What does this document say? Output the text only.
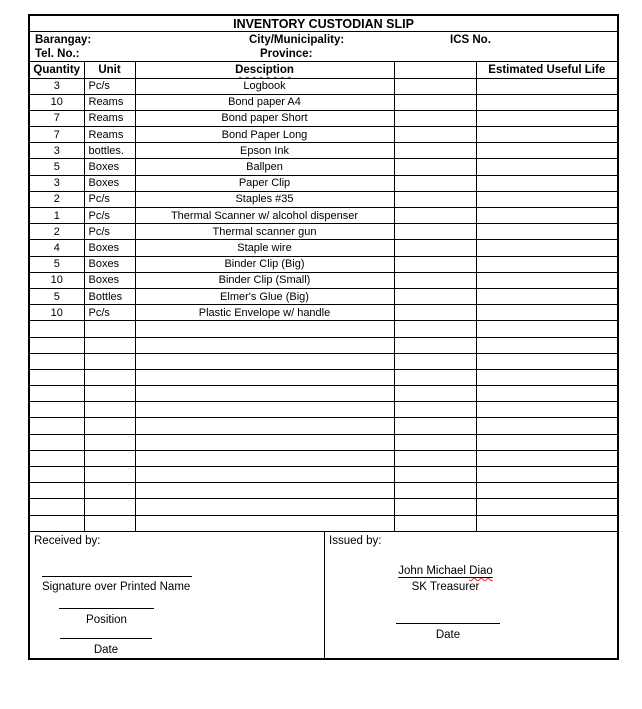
INVENTORY CUSTODIAN SLIP				

Barangay: City/Municipality: ICS No.
Tel. No.: Province:				

Quantity	Unit	Desciption		Estimated Useful Life
3	Pc/s	Logbook		
10	Reams	Bond paper A4		
7	Reams	Bond paper Short		
7	Reams	Bond Paper Long		
3	bottles.	Epson Ink		
5	Boxes	Ballpen		
3	Boxes	Paper Clip		
2	Pc/s	Staples #35		
1	Pc/s	Thermal Scanner w/ alcohol dispenser		
2	Pc/s	Thermal scanner gun		
4	Boxes	Staple wire		
5	Boxes	Binder Clip (Big)		
10	Boxes	Binder Clip (Small)		
5	Bottles	Elmer's Glue (Big)		
10	Pc/s	Plastic Envelope w/ handle		

Received by:
Signature over Printed Name
Position
Date
Issued by:
John Michael Diao
SK Treasurer
Date
